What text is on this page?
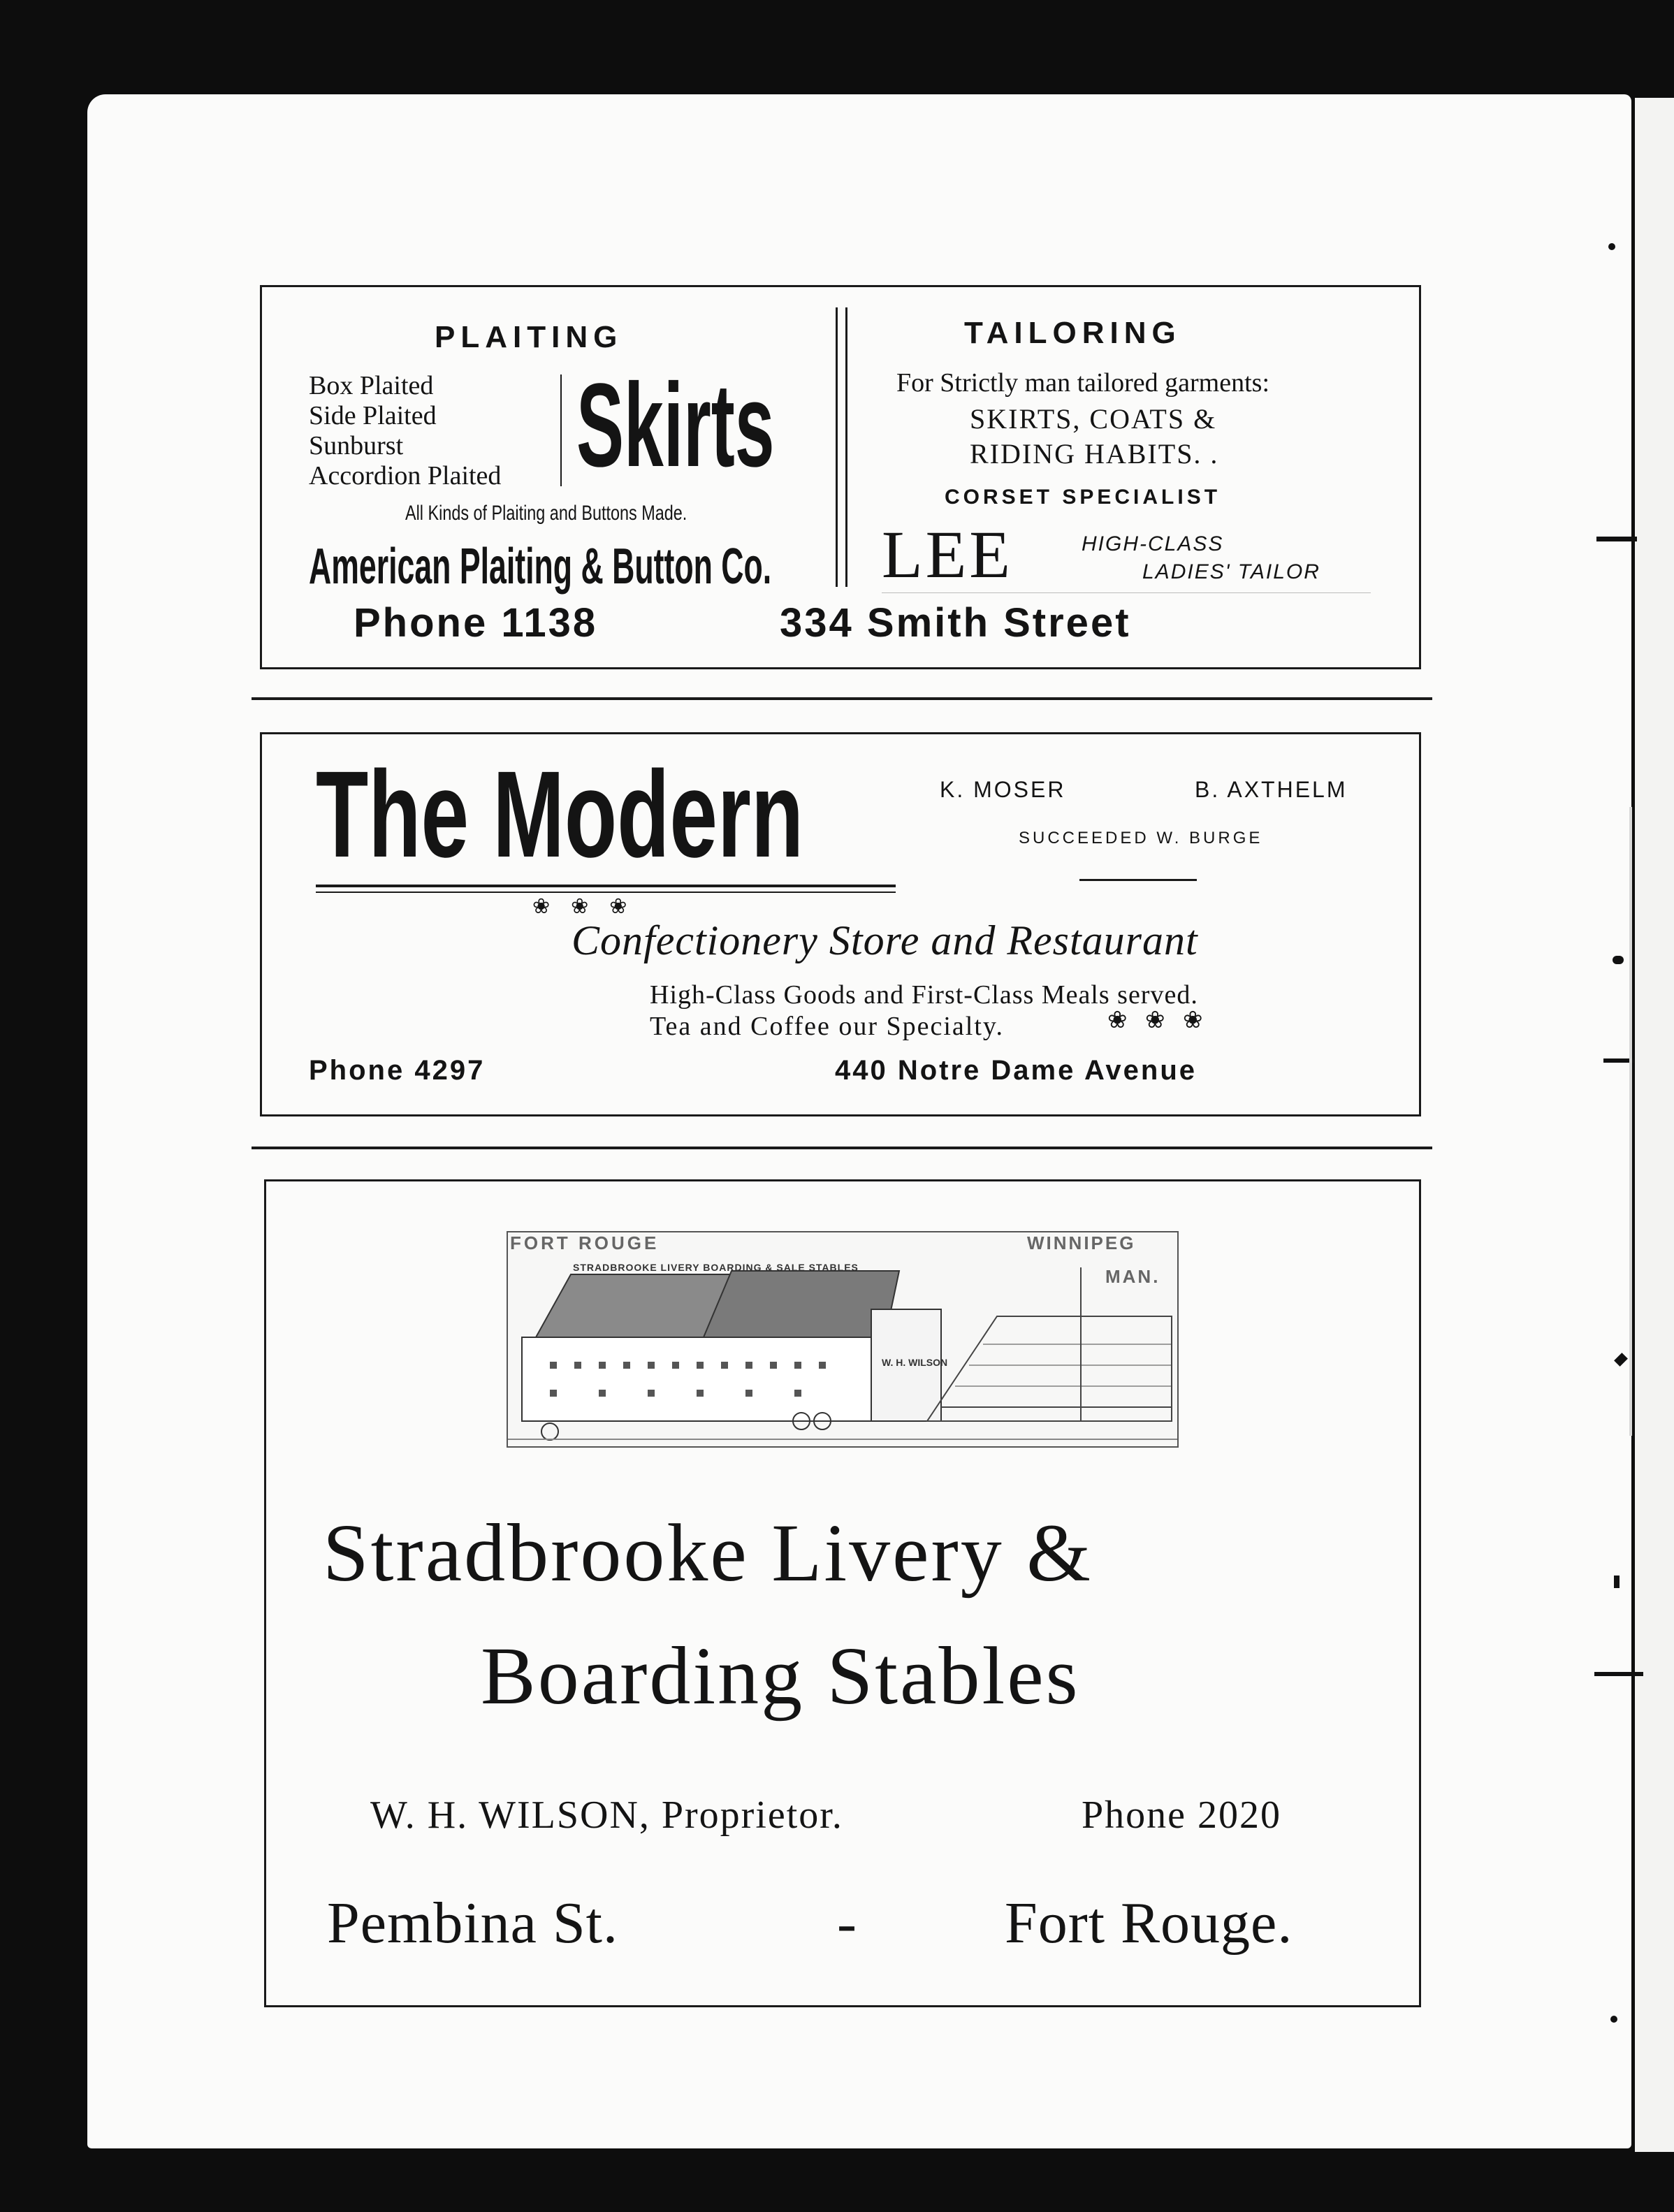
PLAITING
Box Plaited
Side Plaited
Sunburst
Accordion Plaited Skirts
All Kinds of Plaiting and Buttons Made.
American Plaiting & Button Co.
TAILORING
For Strictly man tailored garments:
SKIRTS, COATS &
RIDING HABITS. .
CORSET SPECIALIST
LEE	HIGH-CLASS
LADIES' TAILOR
Phone 1138	334 Smith Street
The Modern	K. MOSER	B. AXTHELM
SUCCEEDED W. BURGE
❀    ❀    ❀
Confectionery Store and Restaurant
High-Class Goods and First-Class Meals served.
Tea and Coffee our Specialty.	❀   ❀   ❀
Phone 4297	440 Notre Dame Avenue
FORT ROUGE	WINNIPEG
MAN.
STRADBROOKE LIVERY BOARDING & SALE STABLES
W. H. WILSON
Stradbrooke Livery &
Boarding Stables
W. H. WILSON, Proprietor.	Phone 2020
Pembina St.	-	Fort Rouge.
